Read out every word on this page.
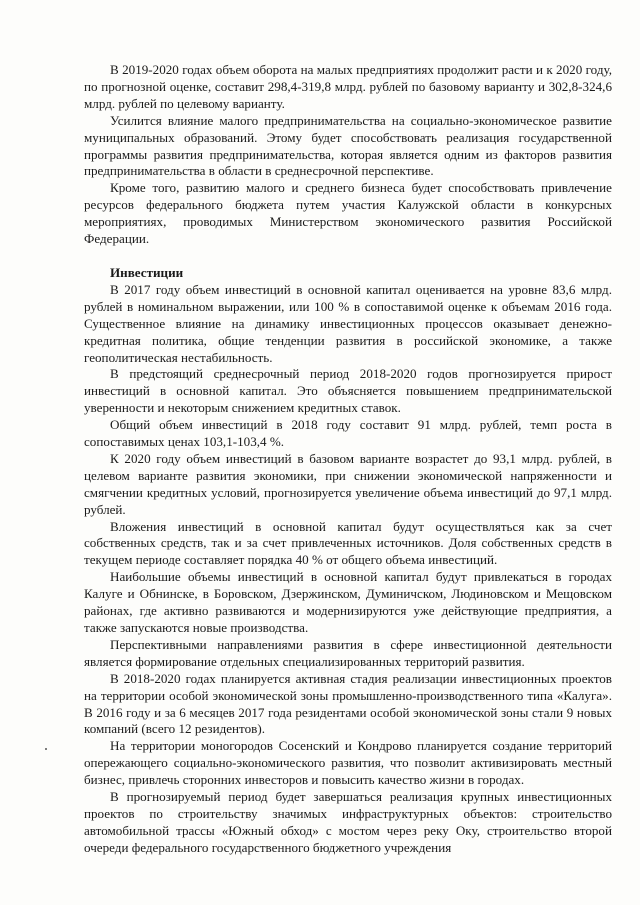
В 2019-2020 годах объем оборота на малых предприятиях продолжит расти и к 2020 году, по прогнозной оценке, составит 298,4-319,8 млрд. рублей по базовому варианту и 302,8-324,6 млрд. рублей по целевому варианту.

Усилится влияние малого предпринимательства на социально-экономическое развитие муниципальных образований. Этому будет способствовать реализация государственной программы развития предпринимательства, которая является одним из факторов развития предпринимательства в области в среднесрочной перспективе.

Кроме того, развитию малого и среднего бизнеса будет способствовать привлечение ресурсов федерального бюджета путем участия Калужской области в конкурсных мероприятиях, проводимых Министерством экономического развития Российской Федерации.

Инвестиции

В 2017 году объем инвестиций в основной капитал оценивается на уровне 83,6 млрд. рублей в номинальном выражении, или 100 % в сопоставимой оценке к объемам 2016 года. Существенное влияние на динамику инвестиционных процессов оказывает денежно-кредитная политика, общие тенденции развития в российской экономике, а также геополитическая нестабильность.

В предстоящий среднесрочный период 2018-2020 годов прогнозируется прирост инвестиций в основной капитал. Это объясняется повышением предпринимательской уверенности и некоторым снижением кредитных ставок.

Общий объем инвестиций в 2018 году составит 91 млрд. рублей, темп роста в сопоставимых ценах 103,1-103,4 %.

К 2020 году объем инвестиций в базовом варианте возрастет до 93,1 млрд. рублей, в целевом варианте развития экономики, при снижении экономической напряженности и смягчении кредитных условий, прогнозируется увеличение объема инвестиций до 97,1 млрд. рублей.

Вложения инвестиций в основной капитал будут осуществляться как за счет собственных средств, так и за счет привлеченных источников. Доля собственных средств в текущем периоде составляет порядка 40 % от общего объема инвестиций.

Наибольшие объемы инвестиций в основной капитал будут привлекаться в городах Калуге и Обнинске, в Боровском, Дзержинском, Думиничском, Людиновском и Мещовском районах, где активно развиваются и модернизируются уже действующие предприятия, а также запускаются новые производства.

Перспективными направлениями развития в сфере инвестиционной деятельности является формирование отдельных специализированных территорий развития.

В 2018-2020 годах планируется активная стадия реализации инвестиционных проектов на территории особой экономической зоны промышленно-производственного типа «Калуга». В 2016 году и за 6 месяцев 2017 года резидентами особой экономической зоны стали 9 новых компаний (всего 12 резидентов).

На территории моногородов Сосенский и Кондрово планируется создание территорий опережающего социально-экономического развития, что позволит активизировать местный бизнес, привлечь сторонних инвесторов и повысить качество жизни в городах.

В прогнозируемый период будет завершаться реализация крупных инвестиционных проектов по строительству значимых инфраструктурных объектов: строительство автомобильной трассы «Южный обход» с мостом через реку Оку, строительство второй очереди федерального государственного бюджетного учреждения
